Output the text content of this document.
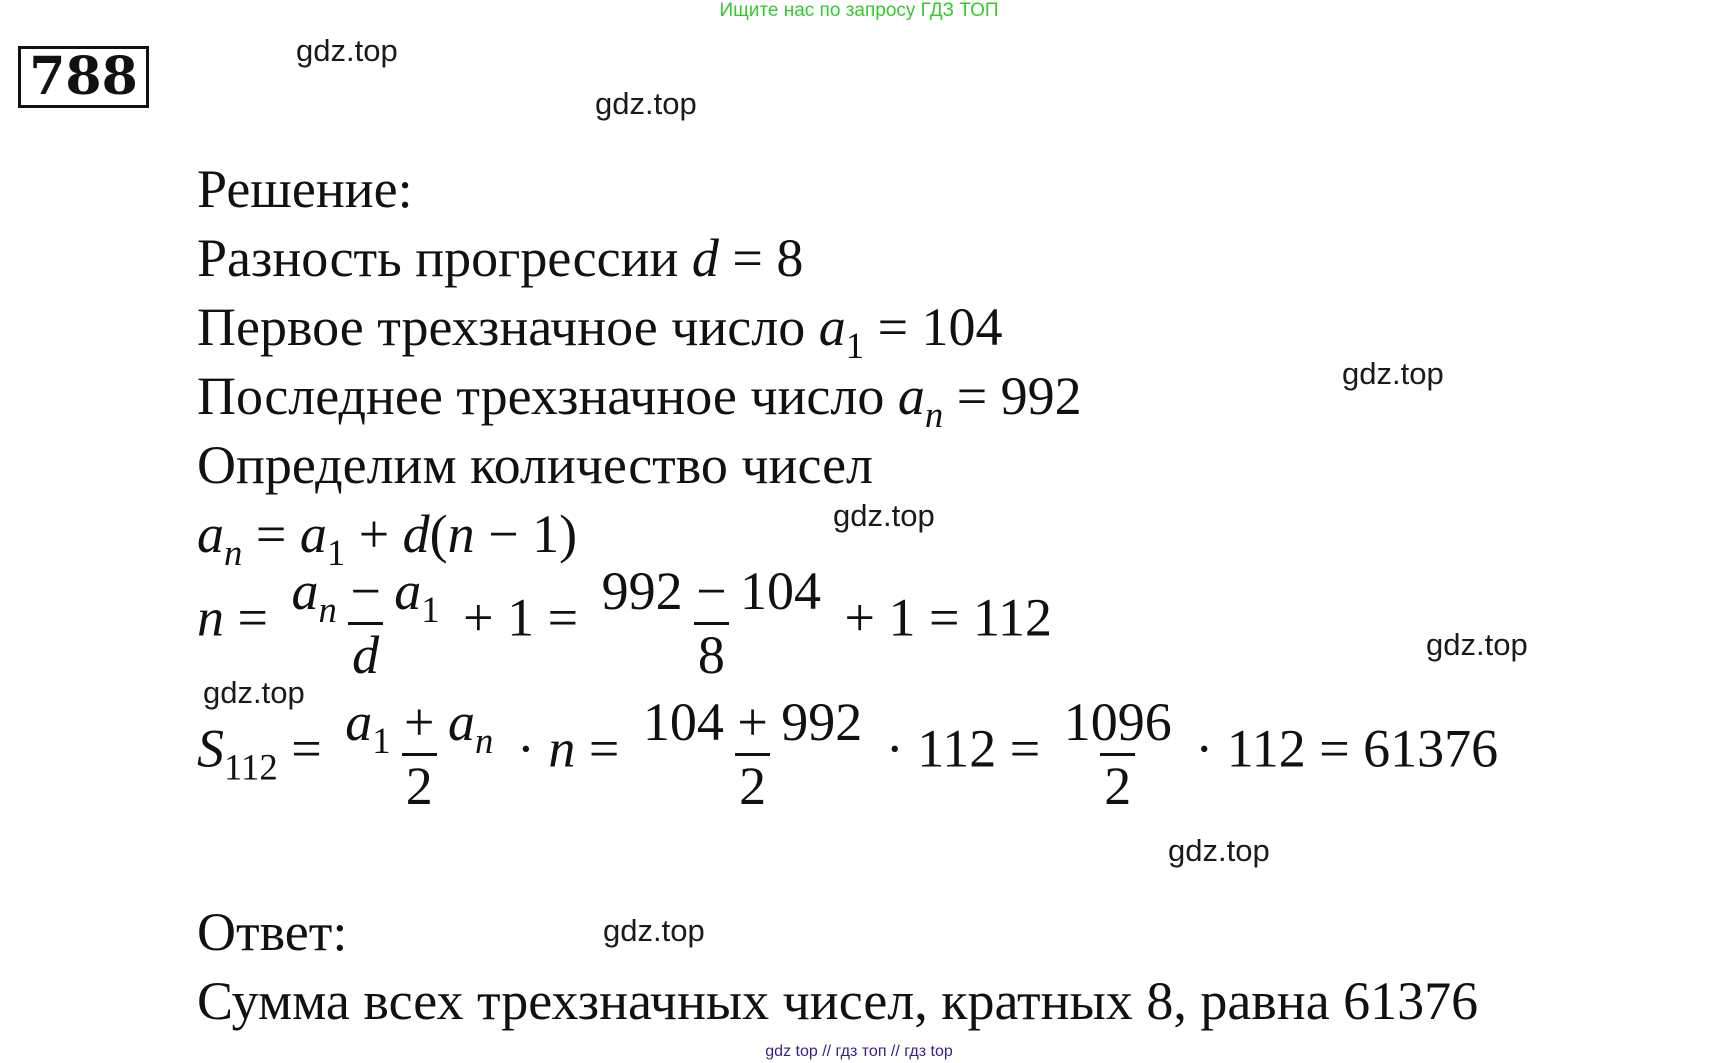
Ищите нас по запросу ГДЗ ТОП
788	gdz.top
gdz.top
gdz.top
gdz.top
gdz.top
gdz.top
gdz.top
gdz.top
Решение:
Разность прогрессии d = 8
Первое трехзначное число $a_1 = 104$
Последнее трехзначное число $a_n = 992$
Определим количество чисел
$a_n = a_1 + d(n - 1)$
$n = \frac{a_n - a_1}{d} + 1 = \frac{992 - 104}{8} + 1 = 112$
$S_{112} = \frac{a_1 + a_n}{2} \cdot n = \frac{104 + 992}{2} \cdot 112 = \frac{1096}{2} \cdot 112 = 61376$
Ответ:
Сумма всех трехзначных чисел, кратных 8, равна 61376
gdz top // гдз топ // гдз top
